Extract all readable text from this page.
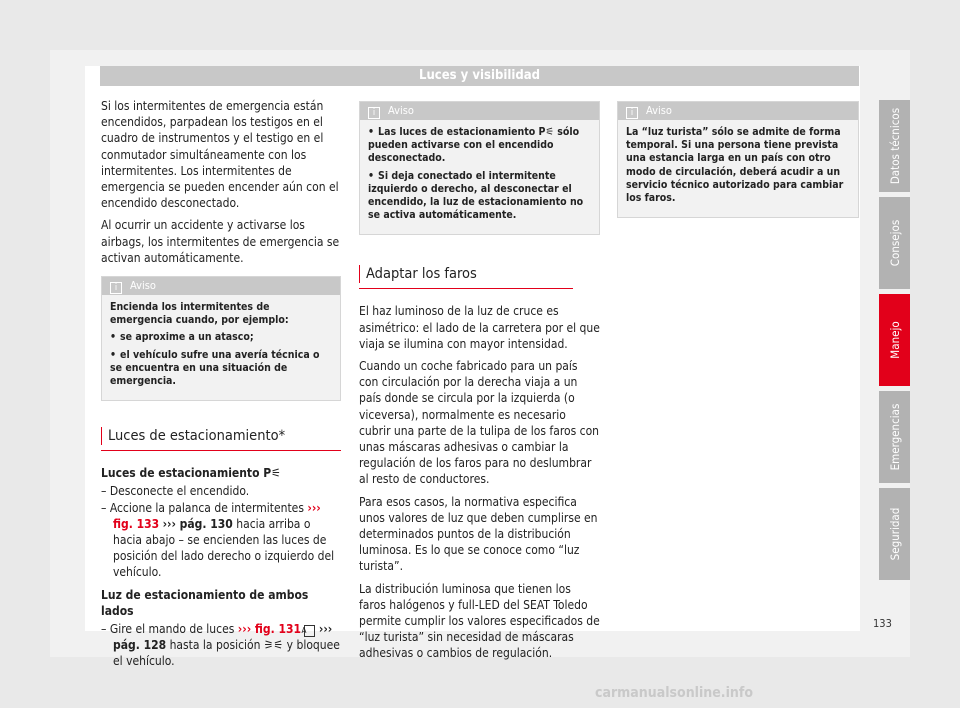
Luces y visibilidad

Si los intermitentes de emergencia están encendidos, parpadean los testigos en el cuadro de instrumentos y el testigo en el conmutador simultáneamente con los intermitentes. Los intermitentes de emergencia se pueden encender aún con el encendido desconectado.

Al ocurrir un accidente y activarse los airbags, los intermitentes de emergencia se activan automáticamente.

i Aviso
Encienda los intermitentes de emergencia cuando, por ejemplo:
• se aproxime a un atasco;
• el vehículo sufre una avería técnica o se encuentra en una situación de emergencia.
Luces de estacionamiento*
Luces de estacionamiento P⚟
– Desconecte el encendido.
– Accione la palanca de intermitentes ››› fig. 133 ››› pág. 130 hacia arriba o hacia abajo – se encienden las luces de posición del lado derecho o izquierdo del vehículo.
Luz de estacionamiento de ambos lados
– Gire el mando de luces ››› fig. 131 A ››› pág. 128 hasta la posición ⚞⚟ y bloquee el vehículo.
i Aviso
• Las luces de estacionamiento P⚟ sólo pueden activarse con el encendido desconectado.
• Si deja conectado el intermitente izquierdo o derecho, al desconectar el encendido, la luz de estacionamiento no se activa automáticamente.
Adaptar los faros

El haz luminoso de la luz de cruce es asimétrico: el lado de la carretera por el que viaja se ilumina con mayor intensidad.

Cuando un coche fabricado para un país con circulación por la derecha viaja a un país donde se circula por la izquierda (o viceversa), normalmente es necesario cubrir una parte de la tulipa de los faros con unas máscaras adhesivas o cambiar la regulación de los faros para no deslumbrar al resto de conductores.

Para esos casos, la normativa especifica unos valores de luz que deben cumplirse en determinados puntos de la distribución luminosa. Es lo que se conoce como “luz turista”.

La distribución luminosa que tienen los faros halógenos y full-LED del SEAT Toledo permite cumplir los valores especificados de “luz turista” sin necesidad de máscaras adhesivas o cambios de regulación.

i Aviso
La “luz turista” sólo se admite de forma temporal. Si una persona tiene prevista una estancia larga en un país con otro modo de circulación, deberá acudir a un servicio técnico autorizado para cambiar los faros.
Datos técnicos
Consejos
Manejo
Emergencias
Seguridad
133
carmanualsonline.info
